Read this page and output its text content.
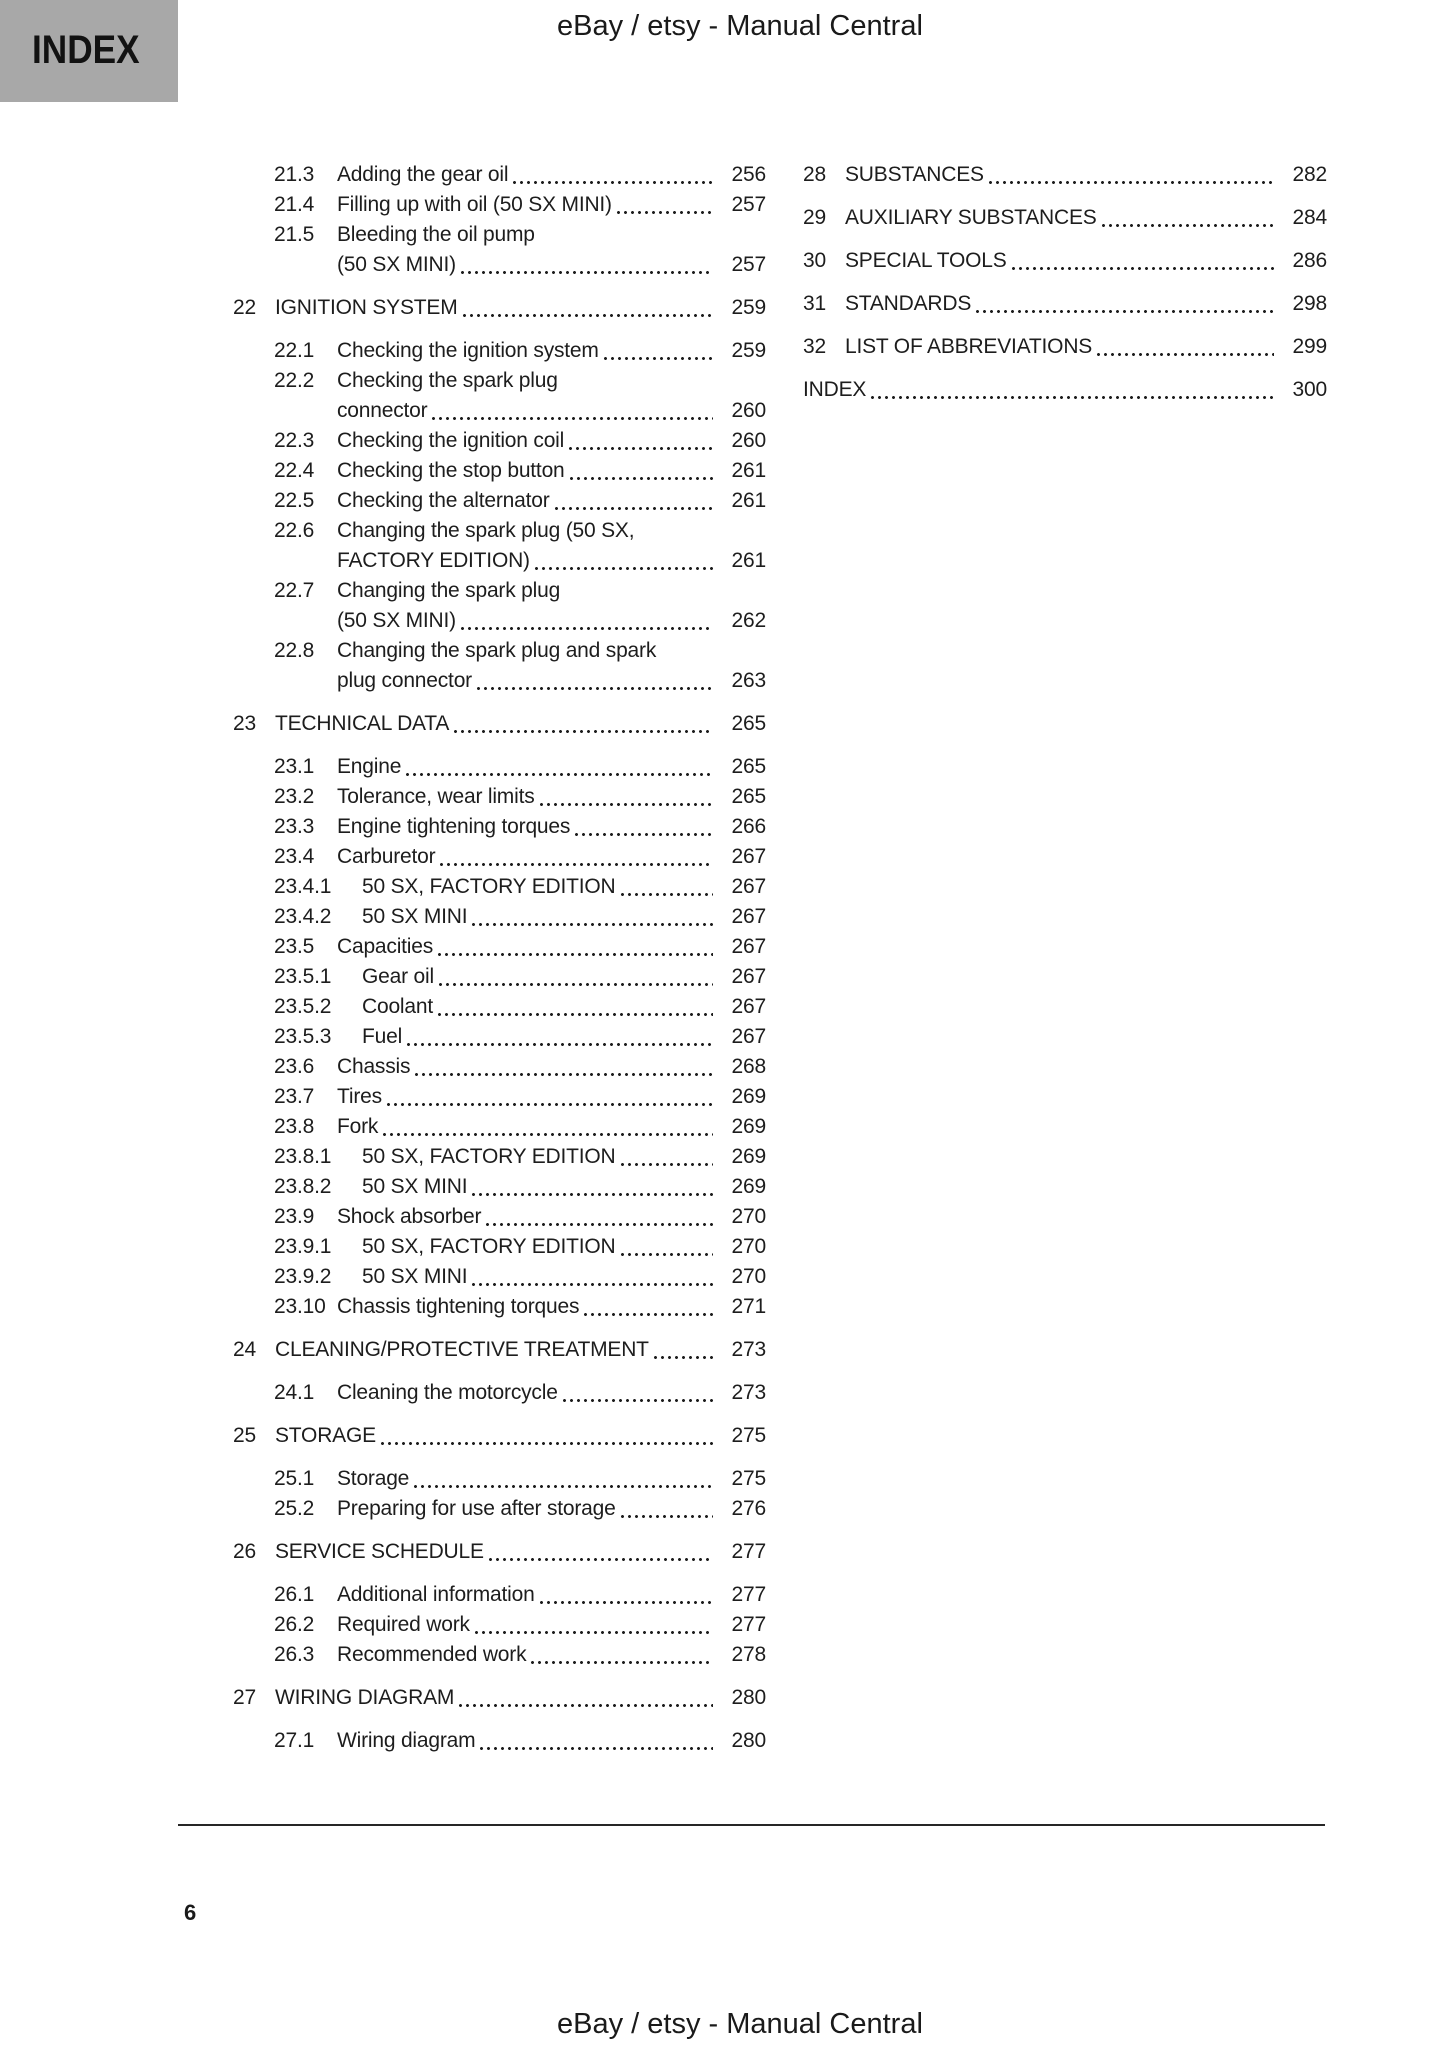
INDEX
eBay / etsy - Manual Central
21.3	Adding the gear oil	256
21.4	Filling up with oil (50 SX MINI)	257
21.5	Bleeding the oil pump
(50 SX MINI)	257
22 IGNITION SYSTEM	259
22.1	Checking the ignition system	259
22.2	Checking the spark plug
connector	260
22.3	Checking the ignition coil	260
22.4	Checking the stop button	261
22.5	Checking the alternator	261
22.6	Changing the spark plug (50 SX,
FACTORY EDITION)	261
22.7	Changing the spark plug
(50 SX MINI)	262
22.8	Changing the spark plug and spark
plug connector	263
23 TECHNICAL DATA	265
23.1	Engine	265
23.2	Tolerance, wear limits	265
23.3	Engine tightening torques	266
23.4	Carburetor	267
23.4.1	50 SX, FACTORY EDITION	267
23.4.2	50 SX MINI	267
23.5	Capacities	267
23.5.1	Gear oil	267
23.5.2	Coolant	267
23.5.3	Fuel	267
23.6	Chassis	268
23.7	Tires	269
23.8	Fork	269
23.8.1	50 SX, FACTORY EDITION	269
23.8.2	50 SX MINI	269
23.9	Shock absorber	270
23.9.1	50 SX, FACTORY EDITION	270
23.9.2	50 SX MINI	270
23.10 Chassis tightening torques	271
24 CLEANING/PROTECTIVE TREATMENT	273
24.1	Cleaning the motorcycle	273
25 STORAGE	275
25.1	Storage	275
25.2	Preparing for use after storage	276
26 SERVICE SCHEDULE	277
26.1	Additional information	277
26.2	Required work	277
26.3	Recommended work	278
27 WIRING DIAGRAM	280
27.1	Wiring diagram	280
28 SUBSTANCES	282
29 AUXILIARY SUBSTANCES	284
30 SPECIAL TOOLS	286
31 STANDARDS	298
32 LIST OF ABBREVIATIONS	299
INDEX	300
6
eBay / etsy - Manual Central
